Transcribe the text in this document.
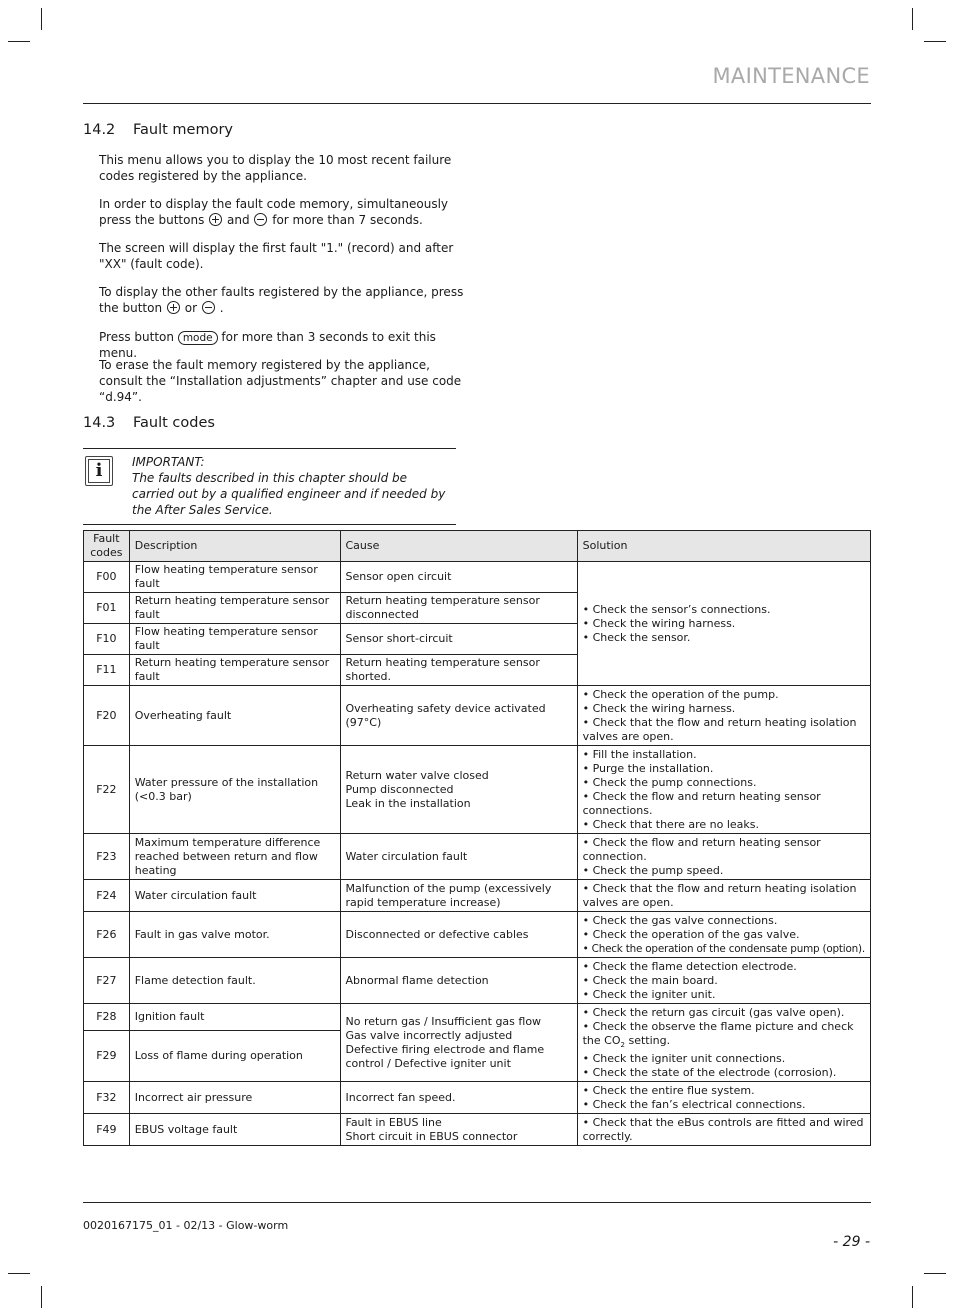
MAINTENANCE
14.2 Fault memory

This menu allows you to display the 10 most recent failure codes registered by the appliance.

In order to display the fault code memory, simultaneously press the buttons and for more than 7 seconds.

The screen will display the first fault "1." (record) and after "XX" (fault code).

To display the other faults registered by the appliance, press the button or .

Press button mode for more than 3 seconds to exit this menu.

To erase the fault memory registered by the appliance, consult the “Installation adjustments” chapter and use code “d.94”.

14.3 Fault codes
i	IMPORTANT:
The faults described in this chapter should be carried out by a qualified engineer and if needed by the After Sales Service.
Fault codes	Description	Cause	Solution
F00	Flow heating temperature sensor fault	Sensor open circuit	• Check the sensor’s connections.
• Check the wiring harness.
• Check the sensor.

F01	Return heating temperature sensor fault	Return heating temperature sensor disconnected	
F10	Flow heating temperature sensor fault	Sensor short-circuit	
F11	Return heating temperature sensor fault	Return heating temperature sensor shorted.	
F20	Overheating fault	Overheating safety device activated (97°C)	• Check the operation of the pump.
• Check the wiring harness.
• Check that the flow and return heating isolation valves are open.

F22	Water pressure of the installation (<0.3 bar)	Return water valve closed
Pump disconnected
Leak in the installation	• Fill the installation.
• Purge the installation.
• Check the pump connections.
• Check the flow and return heating sensor connections.
• Check that there are no leaks.

F23	Maximum temperature difference reached between return and flow heating	Water circulation fault	• Check the flow and return heating sensor connection.
• Check the pump speed.

F24	Water circulation fault	Malfunction of the pump (excessively rapid temperature increase)	• Check that the flow and return heating isolation valves are open.

F26	Fault in gas valve motor.	Disconnected or defective cables	• Check the gas valve connections.
• Check the operation of the gas valve.
• Check the operation of the condensate pump (option).

F27	Flame detection fault.	Abnormal flame detection	• Check the flame detection electrode.
• Check the main board.
• Check the igniter unit.

F28	Ignition fault	No return gas / Insufficient gas flow
Gas valve incorrectly adjusted
Defective firing electrode and flame control / Defective igniter unit	• Check the return gas circuit (gas valve open).
• Check the observe the flame picture and check the $CO_2$ setting.
• Check the igniter unit connections.
• Check the state of the electrode (corrosion).

F29	Loss of flame during operation		
F32	Incorrect air pressure	Incorrect fan speed.	• Check the entire flue system.
• Check the fan’s electrical connections.

F49	EBUS voltage fault	Fault in EBUS line
Short circuit in EBUS connector	• Check that the eBus controls are fitted and wired correctly.
0020167175_01 - 02/13 - Glow-worm
- 29 -
